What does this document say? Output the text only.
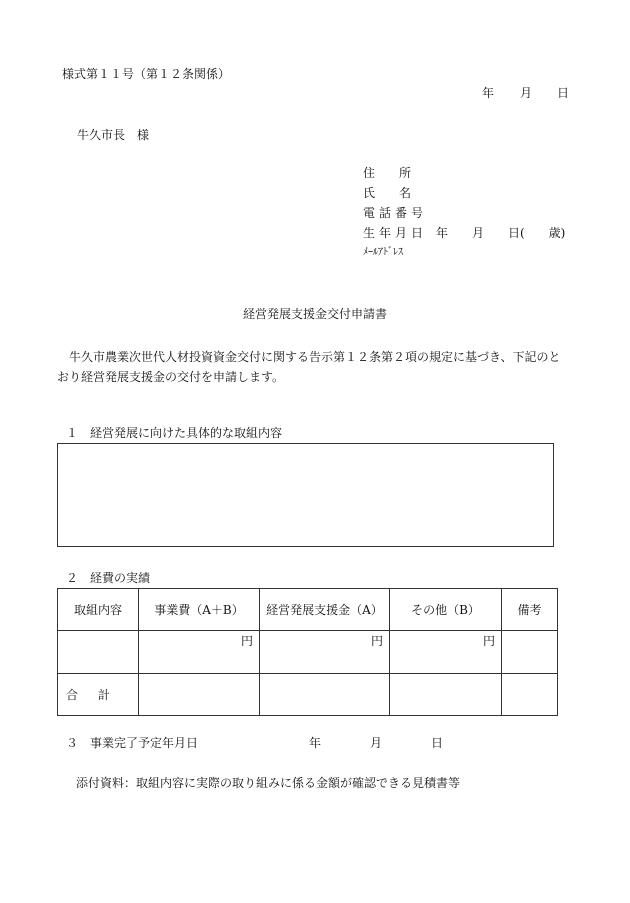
様式第１１号（第１２条関係）
年 月 日
牛久市長　様
住　　所
氏　　名
電話番号
生年月日 年　　月　　日(　　歳)
ﾒｰﾙｱﾄﾞﾚｽ
経営発展支援金交付申請書
牛久市農業次世代人材投資資金交付に関する告示第１２条第２項の規定に基づき、下記のとおり経営発展支援金の交付を申請します。
１　経営発展に向けた具体的な取組内容
２　経費の実績
取組内容	事業費（A＋B）	経営発展支援金（A）	その他（B）	備考
	円	円	円	
合計				
３　事業完了予定年月日	年	月	日
添付資料：取組内容に実際の取り組みに係る金額が確認できる見積書等
